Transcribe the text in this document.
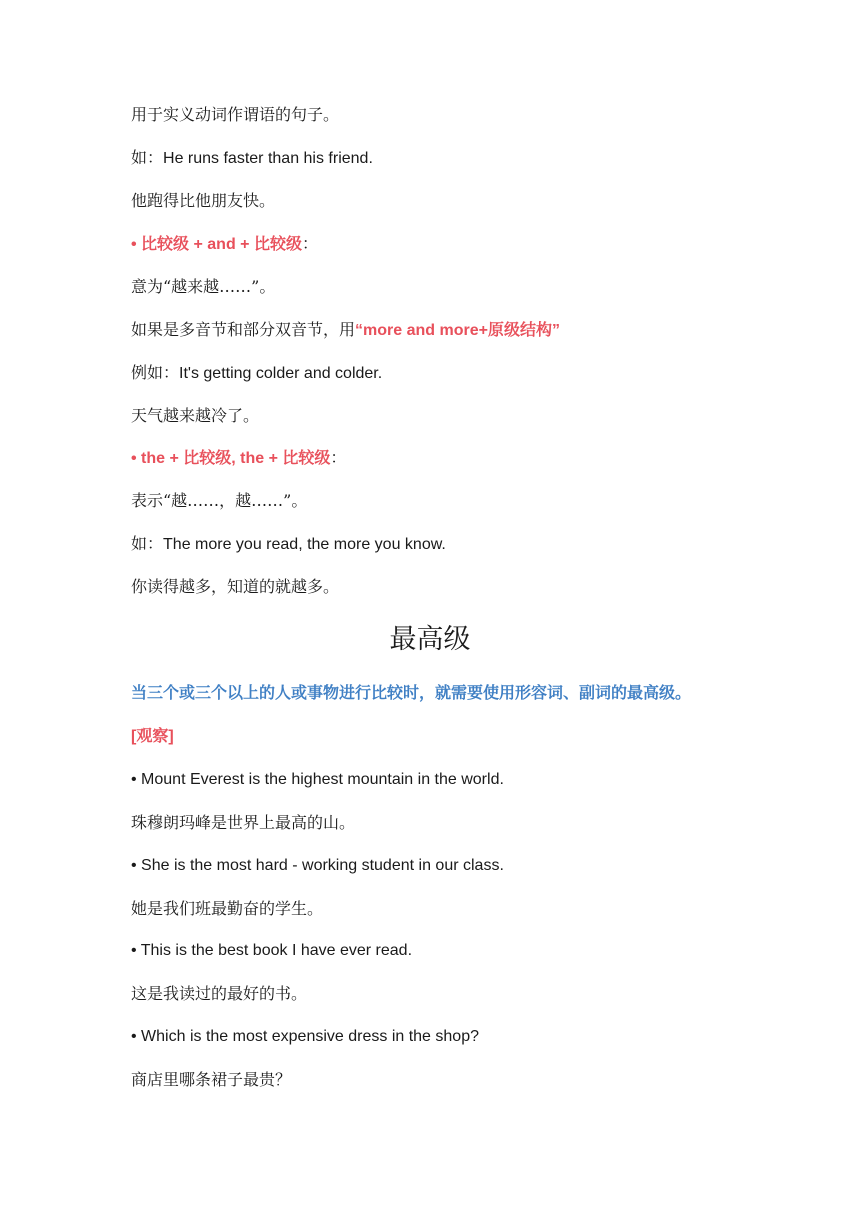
用于实义动词作谓语的句子。
如：He runs faster than his friend.
他跑得比他朋友快。
• 比较级 + and + 比较级：
意为“越来越……”。
如果是多音节和部分双音节，用“more and more+原级结构”
例如：It's getting colder and colder.
天气越来越冷了。
• the + 比较级, the + 比较级：
表示“越……，越……”。
如：The more you read, the more you know.
你读得越多，知道的就越多。
最高级
当三个或三个以上的人或事物进行比较时，就需要使用形容词、副词的最高级。
[观察]
• Mount Everest is the highest mountain in the world.
珠穆朗玛峰是世界上最高的山。
• She is the most hard - working student in our class.
她是我们班最勤奋的学生。
• This is the best book I have ever read.
这是我读过的最好的书。
• Which is the most expensive dress in the shop?
商店里哪条裙子最贵？
